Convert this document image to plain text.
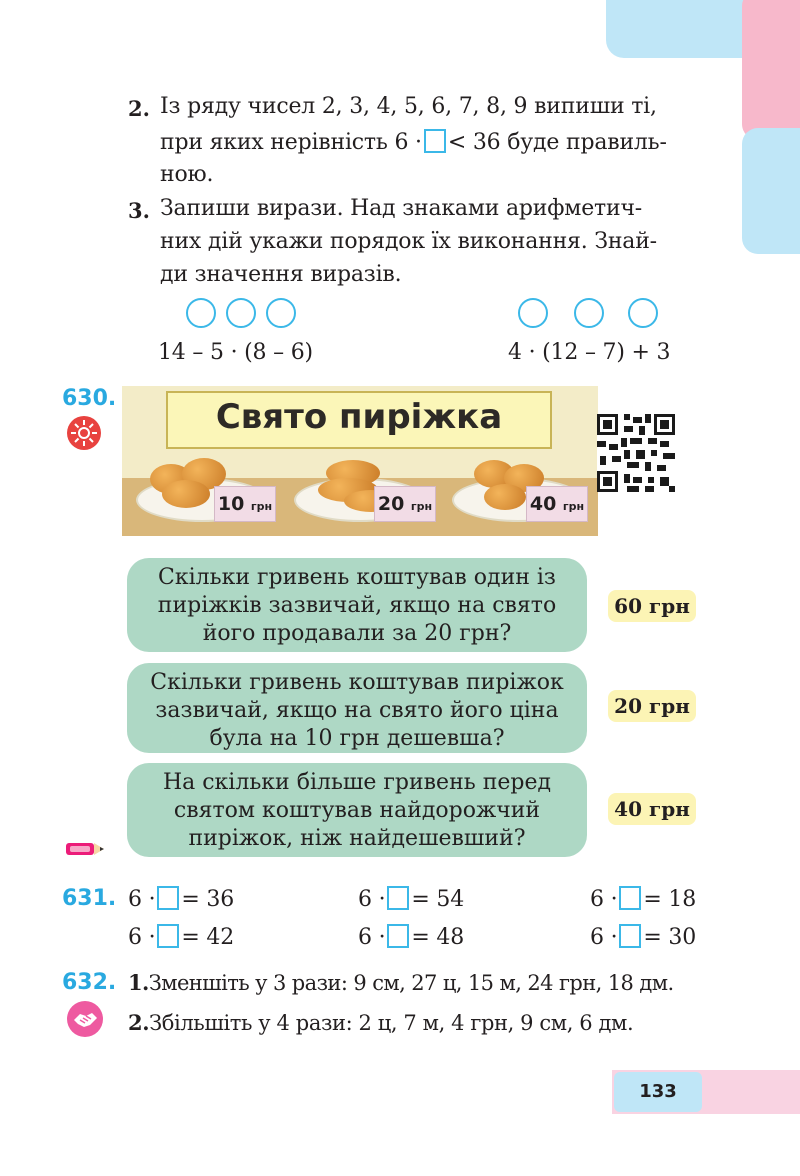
2. Із ряду чисел 2, 3, 4, 5, 6, 7, 8, 9 випиши ті,
при яких нерівність 6 · < 36 буде правиль-
ною.
3. Запиши вирази. Над знаками арифметич-
них дій укажи порядок їх виконання. Знай-
ди значення виразів.
14 – 5 · (8 – 6)	4 · (12 – 7) + 3
630.	Свято пиріжка
10 грн	20 грн	40 грн
Скільки гривень коштував один із
пиріжків зазвичай, якщо на свято
його продавали за 20 грн?
60 грн
Скільки гривень коштував пиріжок
зазвичай, якщо на свято його ціна
була на 10 грн дешевша?
20 грн
На скільки більше гривень перед
святом коштував найдорожчий
пиріжок, ніж найдешевший?
40 грн
631. 6 · = 36	6 · = 54	6 · = 18
6 · = 42	6 · = 48	6 · = 30
632. 1.Зменшіть у 3 рази: 9 см, 27 ц, 15 м, 24 грн, 18 дм.
2.Збільшіть у 4 рази: 2 ц, 7 м, 4 грн, 9 см, 6 дм.
133
